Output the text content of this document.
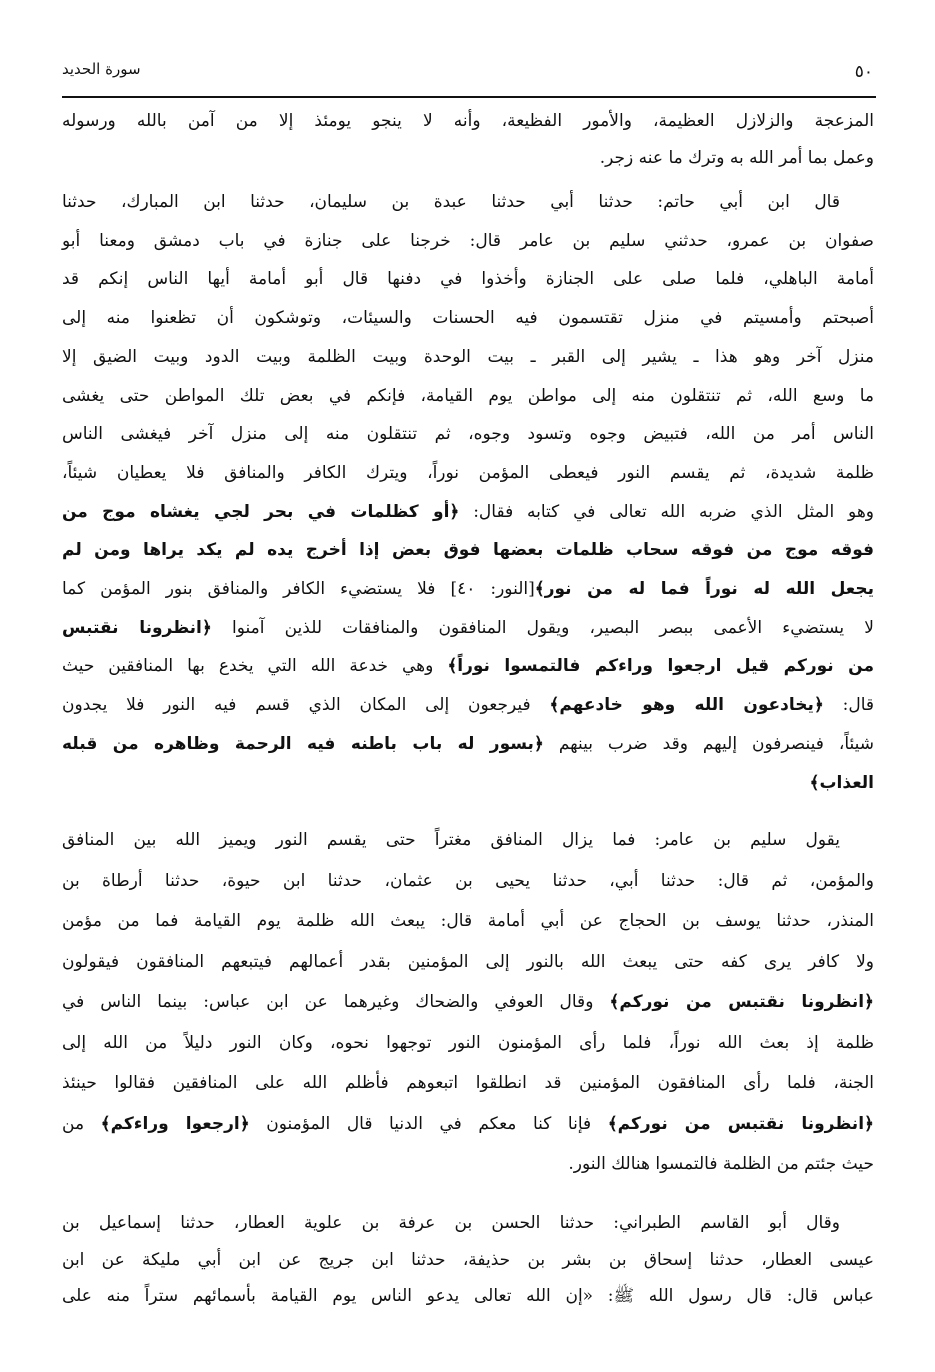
سورة الحديد	٥٠
المزعجة والزلازل العظيمة، والأمور الفظيعة، وأنه لا ينجو يومئذ إلا من آمن بالله ورسوله
وعمل بما أمر الله به وترك ما عنه زجر.
قال ابن أبي حاتم: حدثنا أبي حدثنا عبدة بن سليمان، حدثنا ابن المبارك، حدثنا
صفوان بن عمرو، حدثني سليم بن عامر قال: خرجنا على جنازة في باب دمشق ومعنا أبو
أمامة الباهلي، فلما صلى على الجنازة وأخذوا في دفنها قال أبو أمامة أيها الناس إنكم قد
أصبحتم وأمسيتم في منزل تقتسمون فيه الحسنات والسيئات، وتوشكون أن تظعنوا منه إلى
منزل آخر وهو هذا ـ يشير إلى القبر ـ بيت الوحدة وبيت الظلمة وبيت الدود وبيت الضيق إلا
ما وسع الله، ثم تنتقلون منه إلى مواطن يوم القيامة، فإنكم في بعض تلك المواطن حتى يغشى
الناس أمر من الله، فتبيض وجوه وتسود وجوه، ثم تنتقلون منه إلى منزل آخر فيغشى الناس
ظلمة شديدة، ثم يقسم النور فيعطى المؤمن نوراً، ويترك الكافر والمنافق فلا يعطيان شيئاً،
وهو المثل الذي ضربه الله تعالى في كتابه فقال: ﴿أو كظلمات في بحر لجي يغشاه موج من
فوقه موج من فوقه سحاب ظلمات بعضها فوق بعض إذا أخرج يده لم يكد يراها ومن لم
يجعل الله له نوراً فما له من نور﴾[النور: ٤٠] فلا يستضيء الكافر والمنافق بنور المؤمن كما
لا يستضيء الأعمى ببصر البصير، ويقول المنافقون والمنافقات للذين آمنوا ﴿انظرونا نقتبس
من نوركم قيل ارجعوا وراءكم فالتمسوا نوراً﴾ وهي خدعة الله التي يخدع بها المنافقين حيث
قال: ﴿يخادعون الله وهو خادعهم﴾ فيرجعون إلى المكان الذي قسم فيه النور فلا يجدون
شيئاً، فينصرفون إليهم وقد ضرب بينهم ﴿بسور له باب باطنه فيه الرحمة وظاهره من قبله
العذاب﴾
يقول سليم بن عامر: فما يزال المنافق مغتراً حتى يقسم النور ويميز الله بين المنافق
والمؤمن، ثم قال: حدثنا أبي، حدثنا يحيى بن عثمان، حدثنا ابن حيوة، حدثنا أرطاة بن
المنذر، حدثنا يوسف بن الحجاج عن أبي أمامة قال: يبعث الله ظلمة يوم القيامة فما من مؤمن
ولا كافر يرى كفه حتى يبعث الله بالنور إلى المؤمنين بقدر أعمالهم فيتبعهم المنافقون فيقولون
﴿انظرونا نقتبس من نوركم﴾ وقال العوفي والضحاك وغيرهما عن ابن عباس: بينما الناس في
ظلمة إذ بعث الله نوراً، فلما رأى المؤمنون النور توجهوا نحوه، وكان النور دليلاً من الله إلى
الجنة، فلما رأى المنافقون المؤمنين قد انطلقوا اتبعوهم فأظلم الله على المنافقين فقالوا حينئذ
﴿انظرونا نقتبس من نوركم﴾ فإنا كنا معكم في الدنيا قال المؤمنون ﴿ارجعوا وراءكم﴾ من
حيث جئتم من الظلمة فالتمسوا هنالك النور.
وقال أبو القاسم الطبراني: حدثنا الحسن بن عرفة بن علوية العطار، حدثنا إسماعيل بن
عيسى العطار، حدثنا إسحاق بن بشر بن حذيفة، حدثنا ابن جريج عن ابن أبي مليكة عن ابن
عباس قال: قال رسول الله ﷺ: «إن الله تعالى يدعو الناس يوم القيامة بأسمائهم ستراً منه على
